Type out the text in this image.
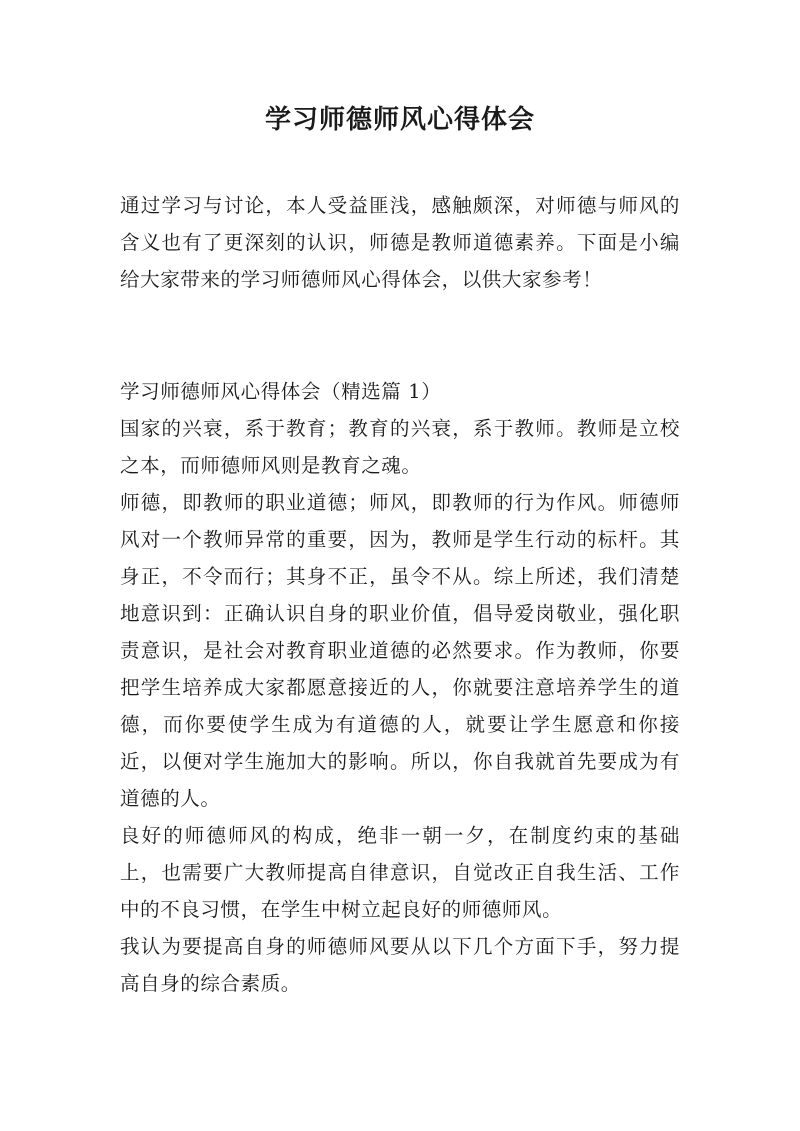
学习师德师风心得体会

通过学习与讨论，本人受益匪浅，感触颇深，对师德与师风的含义也有了更深刻的认识，师德是教师道德素养。下面是小编给大家带来的学习师德师风心得体会，以供大家参考！

学习师德师风心得体会（精选篇 1）

国家的兴衰，系于教育；教育的兴衰，系于教师。教师是立校之本，而师德师风则是教育之魂。

师德，即教师的职业道德；师风，即教师的行为作风。师德师风对一个教师异常的重要，因为，教师是学生行动的标杆。其身正，不令而行；其身不正，虽令不从。综上所述，我们清楚地意识到：正确认识自身的职业价值，倡导爱岗敬业，强化职责意识，是社会对教育职业道德的必然要求。作为教师，你要把学生培养成大家都愿意接近的人，你就要注意培养学生的道德，而你要使学生成为有道德的人，就要让学生愿意和你接近，以便对学生施加大的影响。所以，你自我就首先要成为有道德的人。

良好的师德师风的构成，绝非一朝一夕，在制度约束的基础上，也需要广大教师提高自律意识，自觉改正自我生活、工作中的不良习惯，在学生中树立起良好的师德师风。

我认为要提高自身的师德师风要从以下几个方面下手，努力提高自身的综合素质。
